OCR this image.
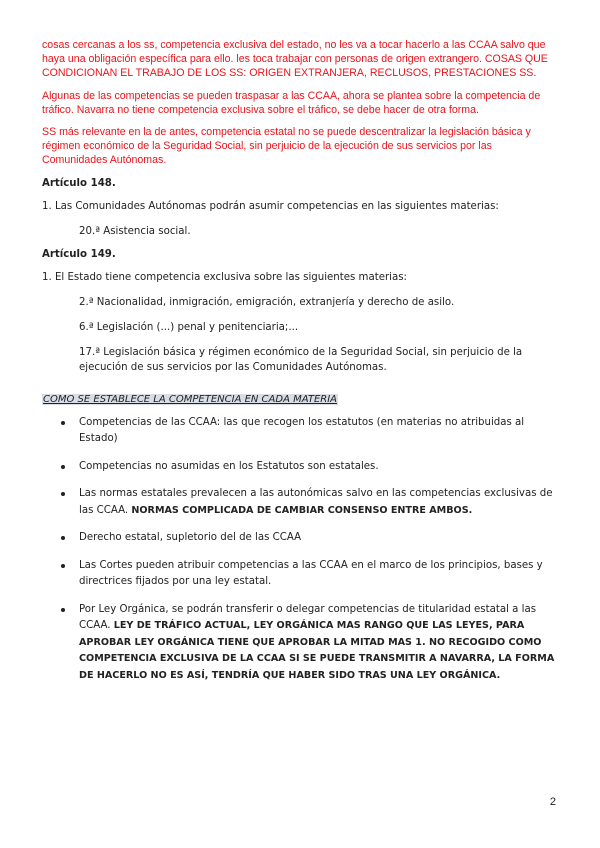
cosas cercanas a los ss, competencia exclusiva del estado, no les va a tocar hacerlo a las CCAA salvo que haya una obligación específica para ello. les toca trabajar con personas de origen extrangero. COSAS QUE CONDICIONAN EL TRABAJO DE LOS SS: ORIGEN EXTRANJERA, RECLUSOS, PRESTACIONES SS.

Algunas de las competencias se pueden traspasar a las CCAA, ahora se plantea sobre la competencia de tráfico. Navarra no tiene competencia exclusiva sobre el tráfico, se debe hacer de otra forma.

SS más relevante en la de antes, competencia estatal no se puede descentralizar la legislación básica y régimen económico de la Seguridad Social, sin perjuicio de la ejecución de sus servicios por las Comunidades Autónomas.

Artículo 148.

1. Las Comunidades Autónomas podrán asumir competencias en las siguientes materias:

20.ª Asistencia social.

Artículo 149.

1. El Estado tiene competencia exclusiva sobre las siguientes materias:

2.ª Nacionalidad, inmigración, emigración, extranjería y derecho de asilo.

6.ª Legislación (...) penal y penitenciaria;...

17.ª Legislación básica y régimen económico de la Seguridad Social, sin perjuicio de la ejecución de sus servicios por las Comunidades Autónomas.

COMO SE ESTABLECE LA COMPETENCIA EN CADA MATERIA

Competencias de las CCAA: las que recogen los estatutos (en materias no atribuidas al Estado)
Competencias no asumidas en los Estatutos son estatales.
Las normas estatales prevalecen a las autonómicas salvo en las competencias exclusivas de las CCAA. NORMAS COMPLICADA DE CAMBIAR CONSENSO ENTRE AMBOS.
Derecho estatal, supletorio del de las CCAA
Las Cortes pueden atribuir competencias a las CCAA en el marco de los principios, bases y directrices fijados por una ley estatal.
Por Ley Orgánica, se podrán transferir o delegar competencias de titularidad estatal a las CCAA. LEY DE TRÁFICO ACTUAL, LEY ORGÁNICA MAS RANGO QUE LAS LEYES, PARA APROBAR LEY ORGÁNICA TIENE QUE APROBAR LA MITAD MAS 1. NO RECOGIDO COMO COMPETENCIA EXCLUSIVA DE LA CCAA SI SE PUEDE TRANSMITIR A NAVARRA, LA FORMA DE HACERLO NO ES ASÍ, TENDRÍA QUE HABER SIDO TRAS UNA LEY ORGÁNICA.
2
